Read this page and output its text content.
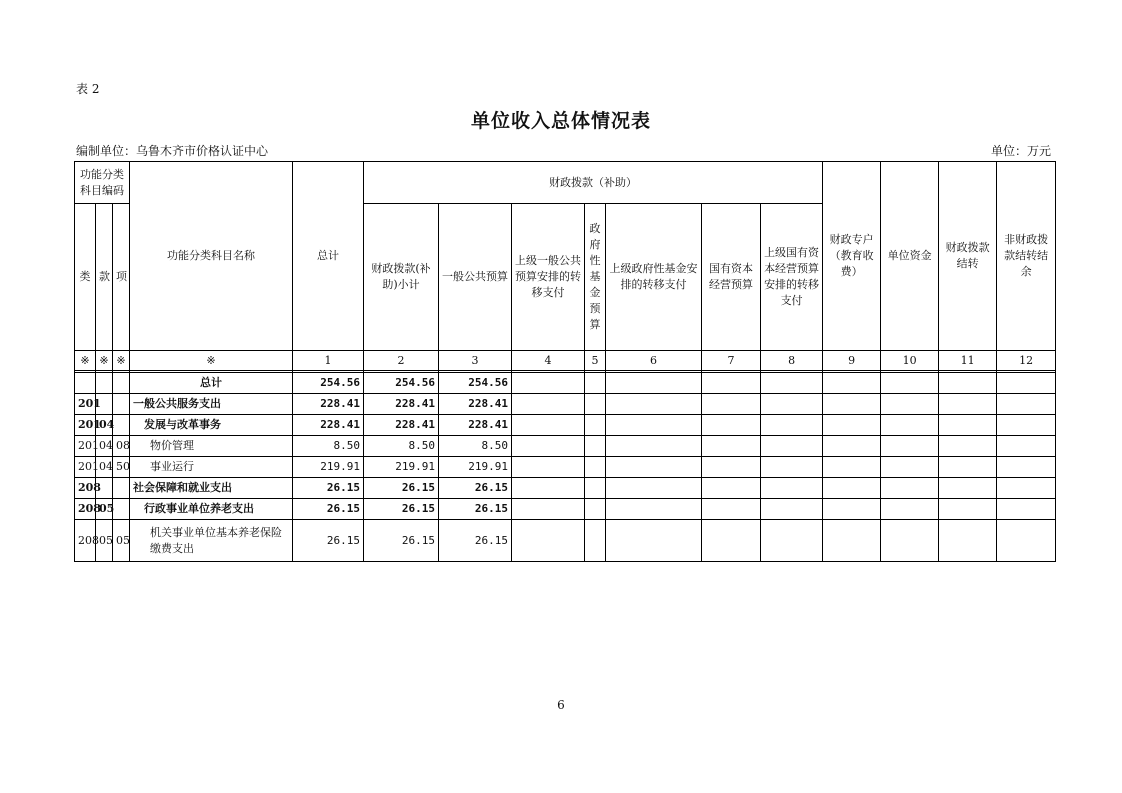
表 2
单位收入总体情况表
编制单位：乌鲁木齐市价格认证中心	单位：万元
功能分类科目编码			功能分类科目名称	总计	财政拨款（补助）							财政专户（教育收费）	单位资金	财政拨款结转	非财政拨款结转结余
类	款	项			财政拨款(补助)小计	一般公共预算	上级一般公共预算安排的转移支付	政府性基金预算	上级政府性基金安排的转移支付	国有资本经营预算	上级国有资本经营预算安排的转移支付				
※	※	※	※	1	2	3	4	5	6	7	8	9	10	11	12

			总计	254.56	254.56	254.56									
201			一般公共服务支出	228.41	228.41	228.41									
201	04		发展与改革事务	228.41	228.41	228.41									
201	04	08	物价管理	8.50	8.50	8.50									
201	04	50	事业运行	219.91	219.91	219.91									
208			社会保障和就业支出	26.15	26.15	26.15									
208	05		行政事业单位养老支出	26.15	26.15	26.15									
208	05	05	机关事业单位基本养老保险缴费支出	26.15	26.15	26.15									
6
